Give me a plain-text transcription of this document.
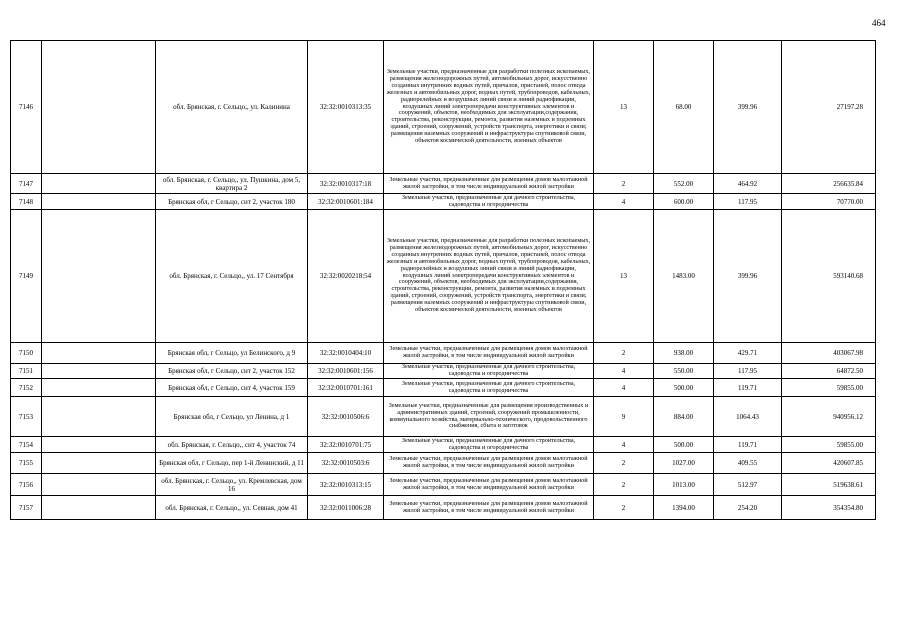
464
7146		обл. Брянская, г. Сельцо,, ул. Калинина	32:32:0010313:35	Земельные участки, предназначенные для разработки полезных ископаемых, размещения железнодорожных путей, автомобильных дорог, искусственно созданных внутренних водных путей, причалов, пристаней, полос отвода железных и автомобильных дорог, водных путей, трубопроводов, кабельных, радиорелейных и воздушных линий связи и линий радиофикации, воздушных линий электропередачи конструктивных элементов и сооружений, объектов, необходимых для эксплуатации,содержания, строительства, реконструкции, ремонта, развития наземных и подземных зданий, строений, сооружений, устройств транспорта, энергетики и связи; размещения наземных сооружений и инфраструктуры спутниковой связи, объектов космической деятельности, военных объектов	13	68.00	399.96	27197.28
7147		обл. Брянская, г. Сельцо,, ул. Пушкина, дом 5, квартира 2	32:32:0010317:18	Земельные участки, предназначенные для размещения домов малоэтажной жилой застройки, в том числе индивидуальной жилой застройки	2	552.00	464.92	256635.84
7148		Брянская обл, г Сельцо, снт 2, участок 180	32:32:0010601:184	Земельные участки, предназначенные для дачного строительства, садоводства и огородничества	4	600.00	117.95	70770.00
7149		обл. Брянская, г. Сельцо,, ул. 17 Сентября	32:32:0020218:54	Земельные участки, предназначенные для разработки полезных ископаемых, размещения железнодорожных путей, автомобильных дорог, искусственно созданных внутренних водных путей, причалов, пристаней, полос отвода железных и автомобильных дорог, водных путей, трубопроводов, кабельных, радиорелейных и воздушных линий связи и линий радиофикации, воздушных линий электропередачи конструктивных элементов и сооружений, объектов, необходимых для эксплуатации,содержания, строительства, реконструкции, ремонта, развития наземных и подземных зданий, строений, сооружений, устройств транспорта, энергетики и связи; размещения наземных сооружений и инфраструктуры спутниковой связи, объектов космической деятельности, военных объектов	13	1483.00	399.96	593140.68
7150		Брянская обл, г Сельцо, ул Белинского, д 9	32:32:0010404:10	Земельные участки, предназначенные для размещения домов малоэтажной жилой застройки, в том числе индивидуальной жилой застройки	2	938.00	429.71	403067.98
7151		Брянская обл, г Сельцо, снт 2, участок 152	32:32:0010601:156	Земельные участки, предназначенные для дачного строительства, садоводства и огородничества	4	550.00	117.95	64872.50
7152		Брянская обл, г Сельцо, снт 4, участок 159	32:32:0010701:161	Земельные участки, предназначенные для дачного строительства, садоводства и огородничества	4	500.00	119.71	59855.00
7153		Брянская обл, г Сельцо, ул Ленина, д 1	32:32:0010506:6	Земельные участки, предназначенные для размещения производственных и административных зданий, строений, сооружений промышленности, коммунального хозяйства, материально-технического, продовольственного снабжения, сбыта и заготовок	9	884.00	1064.43	940956.12
7154		обл. Брянская, г. Сельцо,, снт 4, участок 74	32:32:0010701:75	Земельные участки, предназначенные для дачного строительства, садоводства и огородничества	4	500.00	119.71	59855.00
7155		Брянская обл, г Сельцо, пер 1-й Ленинский, д 11	32:32:0010503:6	Земельные участки, предназначенные для размещения домов малоэтажной жилой застройки, в том числе индивидуальной жилой застройки	2	1027.00	409.55	420607.85
7156		обл. Брянская, г. Сельцо,, ул. Кремлевская, дом 16	32:32:0010313:15	Земельные участки, предназначенные для размещения домов малоэтажной жилой застройки, в том числе индивидуальной жилой застройки	2	1013.00	512.97	519638.61
7157		обл. Брянская, г. Сельцо,, ул. Севная, дом 41	32:32:0011006:28	Земельные участки, предназначенные для размещения домов малоэтажной жилой застройки, в том числе индивидуальной жилой застройки	2	1394.00	254.20	354354.80
